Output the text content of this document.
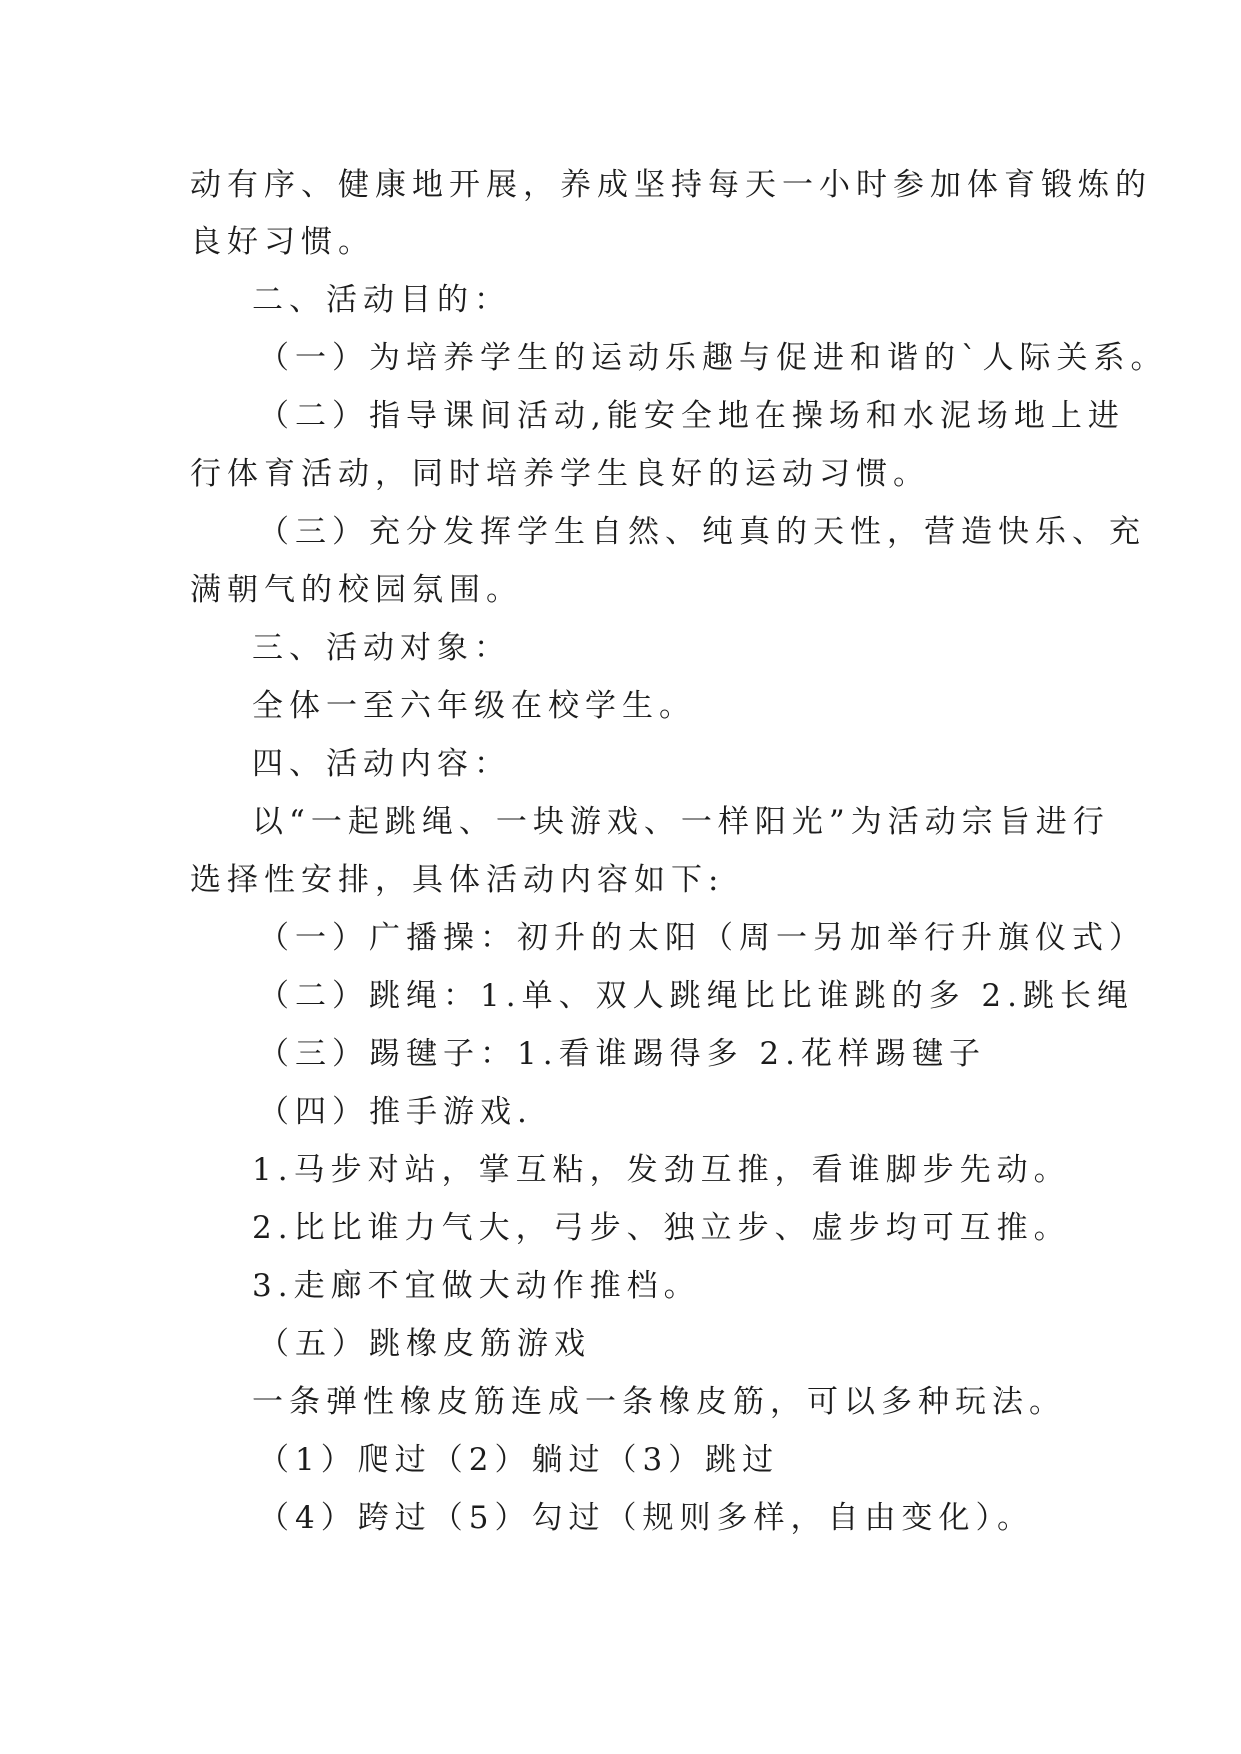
动有序、健康地开展，养成坚持每天一小时参加体育锻炼的

良好习惯。

二、活动目的：

（一）为培养学生的运动乐趣与促进和谐的`人际关系。

（二）指导课间活动,能安全地在操场和水泥场地上进

行体育活动，同时培养学生良好的运动习惯。

（三）充分发挥学生自然、纯真的天性，营造快乐、充

满朝气的校园氛围。

三、活动对象：

全体一至六年级在校学生。

四、活动内容：

以“一起跳绳、一块游戏、一样阳光”为活动宗旨进行

选择性安排，具体活动内容如下:

（一）广播操：初升的太阳（周一另加举行升旗仪式）

（二）跳绳：1.单、双人跳绳比比谁跳的多 2.跳长绳

（三）踢毽子：1.看谁踢得多 2.花样踢毽子

（四）推手游戏.

1.马步对站，掌互粘，发劲互推，看谁脚步先动。

2.比比谁力气大，弓步、独立步、虚步均可互推。

3.走廊不宜做大动作推档。

（五）跳橡皮筋游戏

一条弹性橡皮筋连成一条橡皮筋，可以多种玩法。

（1）爬过（2）躺过（3）跳过

（4）跨过（5）勾过（规则多样，自由变化）。
